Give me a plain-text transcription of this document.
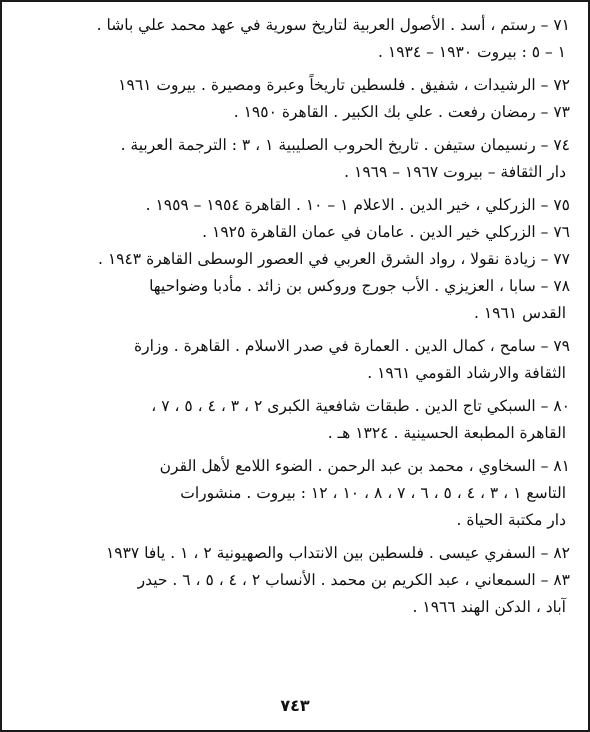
٧١ – رستم ، أسد . الأصول العربية لتاريخ سورية في عهد محمد علي باشا .
١ – ٥ : بيروت ١٩٣٠ – ١٩٣٤ .
٧٢ – الرشيدات ، شفيق . فلسطين تاريخاً وعبرة ومصيرة . بيروت ١٩٦١
٧٣ – رمضان رفعت . علي بك الكبير . القاهرة ١٩٥٠ .
٧٤ – رنسيمان ستيفن . تاريخ الحروب الصليبية ١ ، ٣ : الترجمة العربية .
دار الثقافة – بيروت ١٩٦٧ – ١٩٦٩ .
٧٥ – الزركلي ، خير الدين . الاعلام ١ – ١٠ . القاهرة ١٩٥٤ – ١٩٥٩ .
٧٦ – الزركلي خير الدين . عامان في عمان القاهرة ١٩٢٥ .
٧٧ – زيادة نقولا ، رواد الشرق العربي في العصور الوسطى القاهرة ١٩٤٣ .
٧٨ – سابا ، العزيزي . الأب جورج وروكس بن زائد . مأدبا وضواحيها
القدس ١٩٦١ .
٧٩ – سامح ، كمال الدين . العمارة في صدر الاسلام . القاهرة . وزارة
الثقافة والارشاد القومي ١٩٦١ .
٨٠ – السبكي تاج الدين . طبقات شافعية الكبرى ٢ ، ٣ ، ٤ ، ٥ ، ٧ ،
القاهرة المطبعة الحسينية . ١٣٢٤ هـ .
٨١ – السخاوي ، محمد بن عبد الرحمن . الضوء اللامع لأهل القرن
التاسع ١ ، ٣ ، ٤ ، ٥ ، ٦ ، ٧ ، ٨ ، ١٠ ، ١٢ : بيروت . منشورات
دار مكتبة الحياة .
٨٢ – السفري عيسى . فلسطين بين الانتداب والصهيونية ٢ ، ١ . يافا ١٩٣٧
٨٣ – السمعاني ، عبد الكريم بن محمد . الأنساب ٢ ، ٤ ، ٥ ، ٦ . حيدر
آباد ، الدكن الهند ١٩٦٦ .
٧٤٣
